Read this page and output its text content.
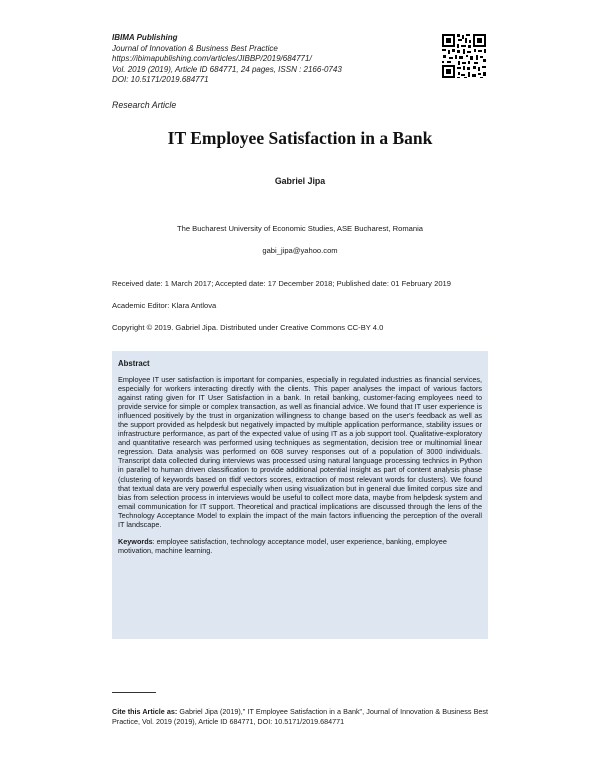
IBIMA Publishing
Journal of Innovation & Business Best Practice
https://ibimapublishing.com/articles/JIBBP/2019/684771/
Vol. 2019 (2019), Article ID 684771, 24 pages, ISSN : 2166-0743
DOI: 10.5171/2019.684771
Research Article
IT Employee Satisfaction in a Bank
Gabriel Jipa
The Bucharest University of Economic Studies, ASE Bucharest, Romania
gabi_jipa@yahoo.com
Received date: 1 March 2017; Accepted date: 17 December 2018; Published date: 01 February 2019
Academic Editor: Klara Antlova
Copyright © 2019. Gabriel Jipa. Distributed under Creative Commons CC-BY 4.0
Abstract
Employee IT user satisfaction is important for companies, especially in regulated industries as financial services, especially for workers interacting directly with the clients. This paper analyses the impact of various factors against rating given for IT User Satisfaction in a bank. In retail banking, customer-facing employees need to provide service for simple or complex transaction, as well as financial advice. We found that IT user experience is influenced positively by the trust in organization willingness to change based on the user's feedback as well as the support provided as helpdesk but negatively impacted by multiple application performance, stability issues or infrastructure performance, as part of the expected value of using IT as a job support tool. Qualitative-exploratory and quantitative research was performed using techniques as segmentation, decision tree or multinomial linear regression. Data analysis was performed on 608 survey responses out of a population of 3000 individuals. Transcript data collected during interviews was processed using natural language processing technics in Python in parallel to human driven classification to provide additional potential insight as part of content analysis phase (clustering of keywords based on tfidf vectors scores, extraction of most relevant words for clusters). We found that textual data are very powerful especially when using visualization but in general due limited corpus size and bias from selection process in interviews would be useful to collect more data, maybe from helpdesk system and email communication for IT support. Theoretical and practical implications are discussed through the lens of the Technology Acceptance Model to explain the impact of the main factors influencing the perception of the overall IT landscape.
Keywords: employee satisfaction, technology acceptance model, user experience, banking, employee motivation, machine learning.
Cite this Article as: Gabriel Jipa (2019)," IT Employee Satisfaction in a Bank", Journal of Innovation & Business Best Practice, Vol. 2019 (2019), Article ID 684771, DOI: 10.5171/2019.684771
